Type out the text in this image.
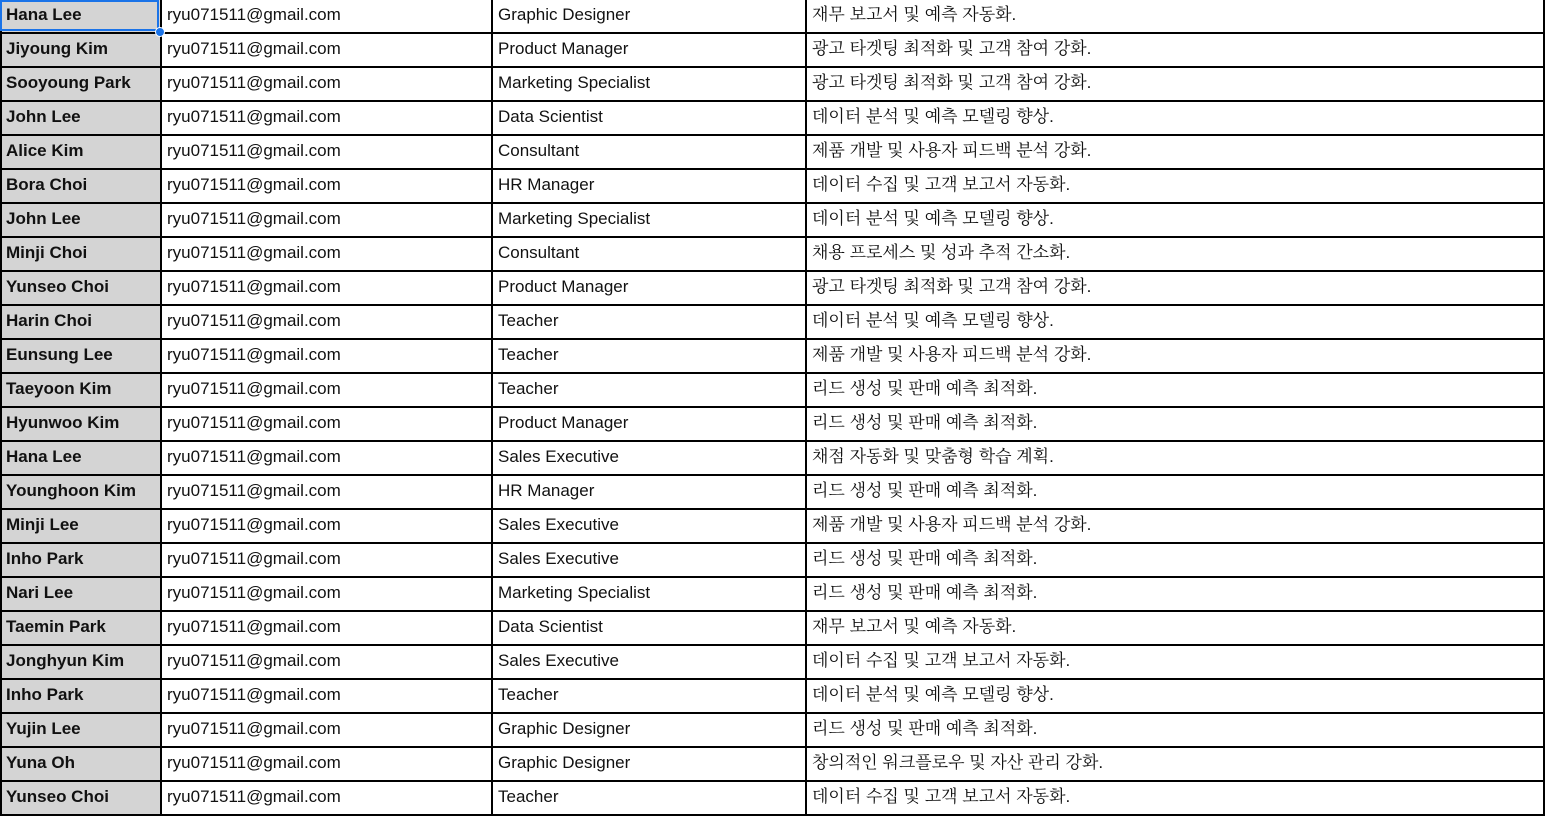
Hana Lee	ryu071511@gmail.com	Graphic Designer	재무 보고서 및 예측 자동화.
Jiyoung Kim	ryu071511@gmail.com	Product Manager	광고 타겟팅 최적화 및 고객 참여 강화.
Sooyoung Park	ryu071511@gmail.com	Marketing Specialist	광고 타겟팅 최적화 및 고객 참여 강화.
John Lee	ryu071511@gmail.com	Data Scientist	데이터 분석 및 예측 모델링 향상.
Alice Kim	ryu071511@gmail.com	Consultant	제품 개발 및 사용자 피드백 분석 강화.
Bora Choi	ryu071511@gmail.com	HR Manager	데이터 수집 및 고객 보고서 자동화.
John Lee	ryu071511@gmail.com	Marketing Specialist	데이터 분석 및 예측 모델링 향상.
Minji Choi	ryu071511@gmail.com	Consultant	채용 프로세스 및 성과 추적 간소화.
Yunseo Choi	ryu071511@gmail.com	Product Manager	광고 타겟팅 최적화 및 고객 참여 강화.
Harin Choi	ryu071511@gmail.com	Teacher	데이터 분석 및 예측 모델링 향상.
Eunsung Lee	ryu071511@gmail.com	Teacher	제품 개발 및 사용자 피드백 분석 강화.
Taeyoon Kim	ryu071511@gmail.com	Teacher	리드 생성 및 판매 예측 최적화.
Hyunwoo Kim	ryu071511@gmail.com	Product Manager	리드 생성 및 판매 예측 최적화.
Hana Lee	ryu071511@gmail.com	Sales Executive	채점 자동화 및 맞춤형 학습 계획.
Younghoon Kim	ryu071511@gmail.com	HR Manager	리드 생성 및 판매 예측 최적화.
Minji Lee	ryu071511@gmail.com	Sales Executive	제품 개발 및 사용자 피드백 분석 강화.
Inho Park	ryu071511@gmail.com	Sales Executive	리드 생성 및 판매 예측 최적화.
Nari Lee	ryu071511@gmail.com	Marketing Specialist	리드 생성 및 판매 예측 최적화.
Taemin Park	ryu071511@gmail.com	Data Scientist	재무 보고서 및 예측 자동화.
Jonghyun Kim	ryu071511@gmail.com	Sales Executive	데이터 수집 및 고객 보고서 자동화.
Inho Park	ryu071511@gmail.com	Teacher	데이터 분석 및 예측 모델링 향상.
Yujin Lee	ryu071511@gmail.com	Graphic Designer	리드 생성 및 판매 예측 최적화.
Yuna Oh	ryu071511@gmail.com	Graphic Designer	창의적인 워크플로우 및 자산 관리 강화.
Yunseo Choi	ryu071511@gmail.com	Teacher	데이터 수집 및 고객 보고서 자동화.
